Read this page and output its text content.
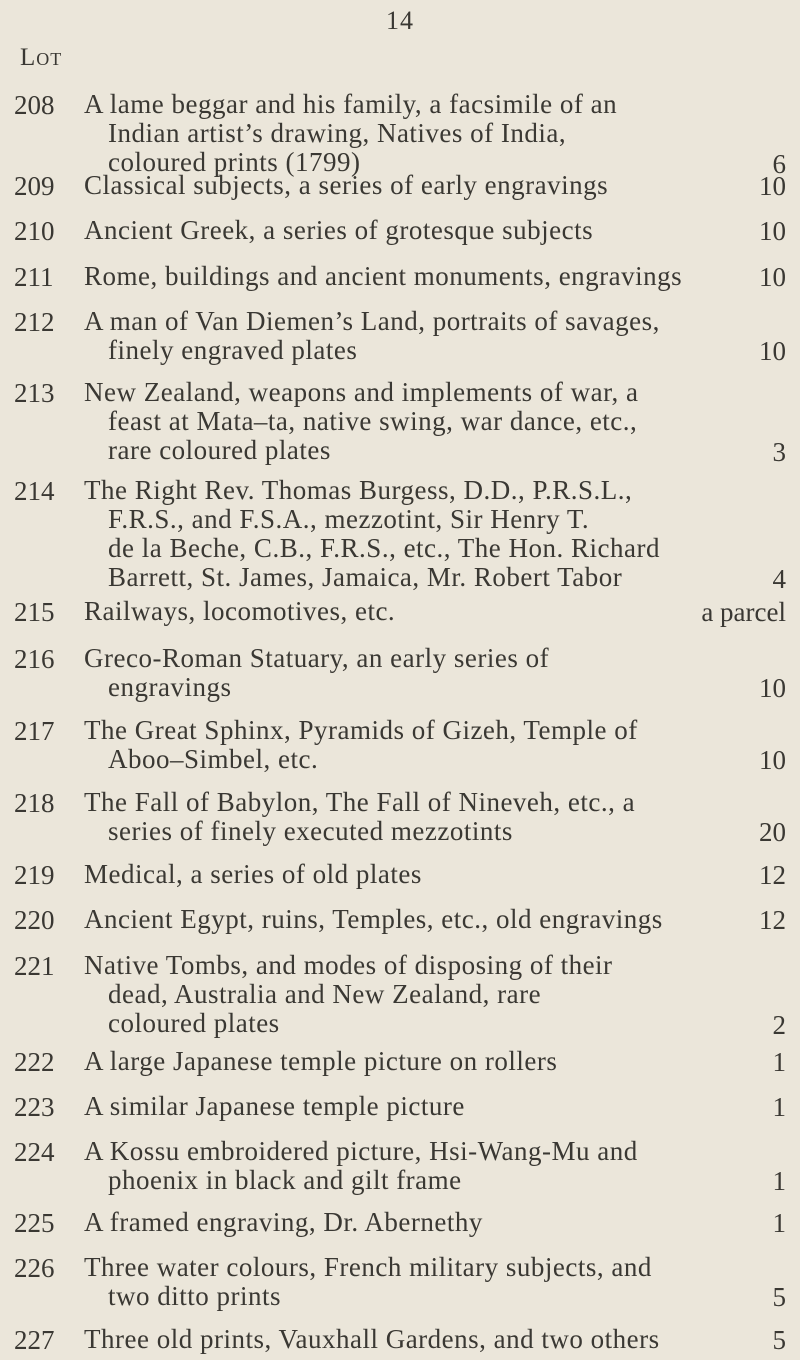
14
Lot
208 A lame beggar and his family, a facsimile of an
Indian artist’s drawing, Natives of India,
coloured prints (1799)	6
209 Classical subjects, a series of early engravings	10
210 Ancient Greek, a series of grotesque subjects	10
211 Rome, buildings and ancient monuments, engravings	10
212 A man of Van Diemen’s Land, portraits of savages,
finely engraved plates	10
213 New Zealand, weapons and implements of war, a
feast at Mata–ta, native swing, war dance, etc.,
rare coloured plates	3
214 The Right Rev. Thomas Burgess, D.D., P.R.S.L.,
F.R.S., and F.S.A., mezzotint, Sir Henry T.
de la Beche, C.B., F.R.S., etc., The Hon. Richard
Barrett, St. James, Jamaica, Mr. Robert Tabor	4
215 Railways, locomotives, etc.	a parcel
216 Greco-Roman Statuary, an early series of
engravings	10
217 The Great Sphinx, Pyramids of Gizeh, Temple of
Aboo–Simbel, etc.	10
218 The Fall of Babylon, The Fall of Nineveh, etc., a
series of finely executed mezzotints	20
219 Medical, a series of old plates	12
220 Ancient Egypt, ruins, Temples, etc., old engravings	12
221 Native Tombs, and modes of disposing of their
dead, Australia and New Zealand, rare
coloured plates	2
222 A large Japanese temple picture on rollers	1
223 A similar Japanese temple picture	1
224 A Kossu embroidered picture, Hsi-Wang-Mu and
phoenix in black and gilt frame	1
225 A framed engraving, Dr. Abernethy	1
226 Three water colours, French military subjects, and
two ditto prints	5
227 Three old prints, Vauxhall Gardens, and two others	5
